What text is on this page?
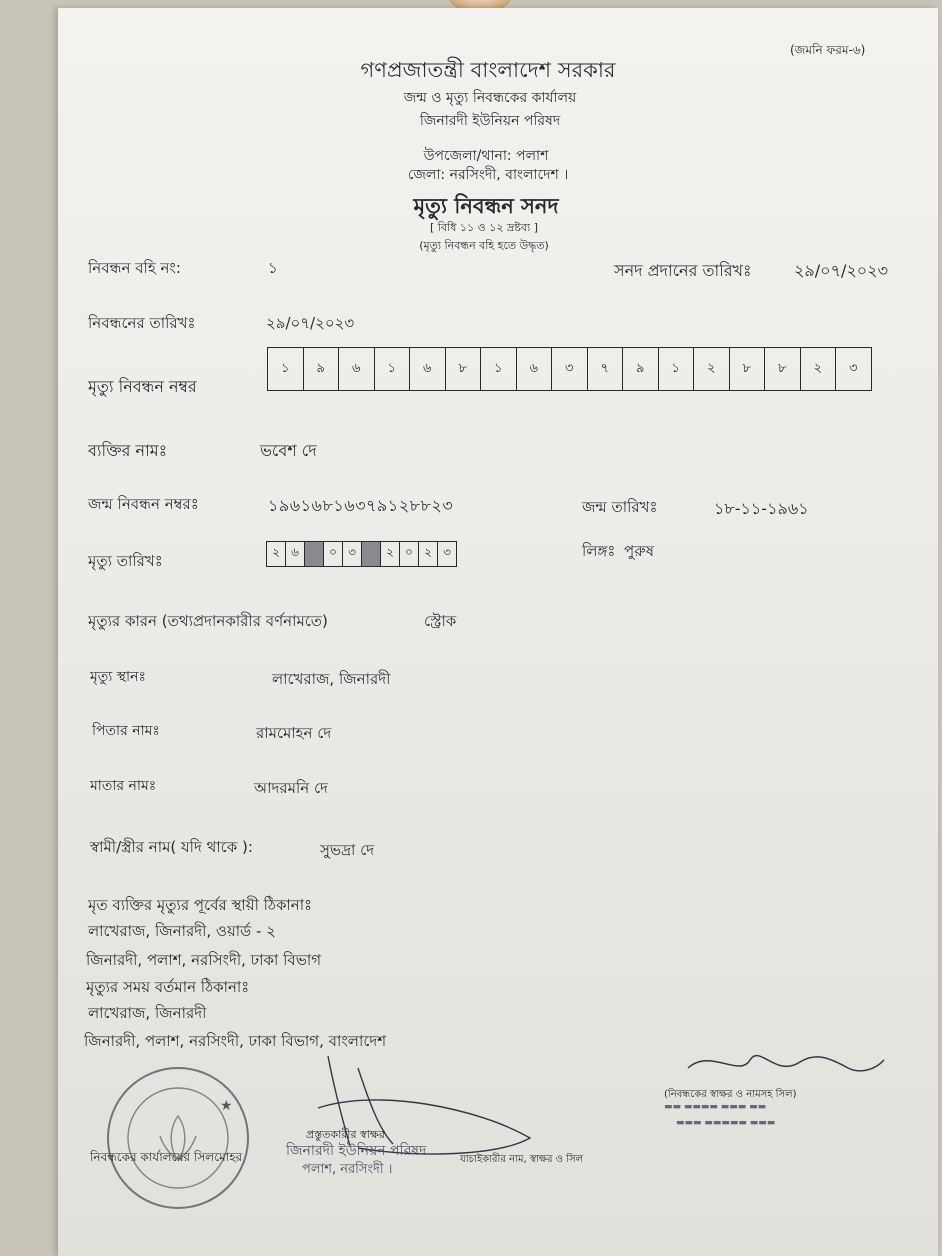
(জমনি ফরম-৬)
গণপ্রজাতন্ত্রী বাংলাদেশ সরকার
জন্ম ও মৃত্যু নিবন্ধকের কার্যালয়
জিনারদী ইউনিয়ন পরিষদ
উপজেলা/থানা: পলাশ
জেলা: নরসিংদী, বাংলাদেশ ।
মৃত্যু নিবন্ধন সনদ
[ বিধি ১১ ও ১২ দ্রষ্টব্য ]
(মৃত্যু নিবন্ধন বহি হতে উদ্ধৃত)
নিবন্ধন বহি নং:	১	সনদ প্রদানের তারিখঃ	২৯/০৭/২০২৩
নিবন্ধনের তারিখঃ	২৯/০৭/২০২৩
মৃত্যু নিবন্ধন নম্বর
১	৯	৬	১	৬	৮	১	৬	৩	৭	৯	১	২	৮	৮	২	৩
ব্যক্তির নামঃ	ভবেশ দে
জন্ম নিবন্ধন নম্বরঃ	১৯৬১৬৮১৬৩৭৯১২৮৮২৩	জন্ম তারিখঃ	১৮-১১-১৯৬১
মৃত্যু তারিখঃ	২ ৬	০ ৩	২ ০ ২ ৩	লিঙ্গঃ পুরুষ
মৃত্যুর কারন (তথ্যপ্রদানকারীর বর্ণনামতে)	স্ট্রোক
মৃত্যু স্থানঃ	লাখেরাজ, জিনারদী
পিতার নামঃ	রামমোহন দে
মাতার নামঃ	আদরমনি দে
স্বামী/স্ত্রীর নাম( যদি থাকে ):	সুভদ্রা দে
মৃত ব্যক্তির মৃত্যুর পূর্বের স্থায়ী ঠিকানাঃ
লাখেরাজ, জিনারদী, ওয়ার্ড - ২
জিনারদী, পলাশ, নরসিংদী, ঢাকা বিভাগ
মৃত্যুর সময় বর্তমান ঠিকানাঃ
লাখেরাজ, জিনারদী
জিনারদী, পলাশ, নরসিংদী, ঢাকা বিভাগ, বাংলাদেশ
প্রস্তুতকারীর স্বাক্ষর
(নিবন্ধকের স্বাক্ষর ও নামসহ সিল)
▬▬ ▬▬▬▬ ▬▬▬ ▬▬
▬▬▬ ▬▬▬▬▬ ▬▬▬
★
নিবন্ধকের কার্যালয়ের সিলমোহর	জিনারদী ইউনিয়ন পরিষদ
পলাশ, নরসিংদী ।
যাচাইকারীর নাম, স্বাক্ষর ও সিল
